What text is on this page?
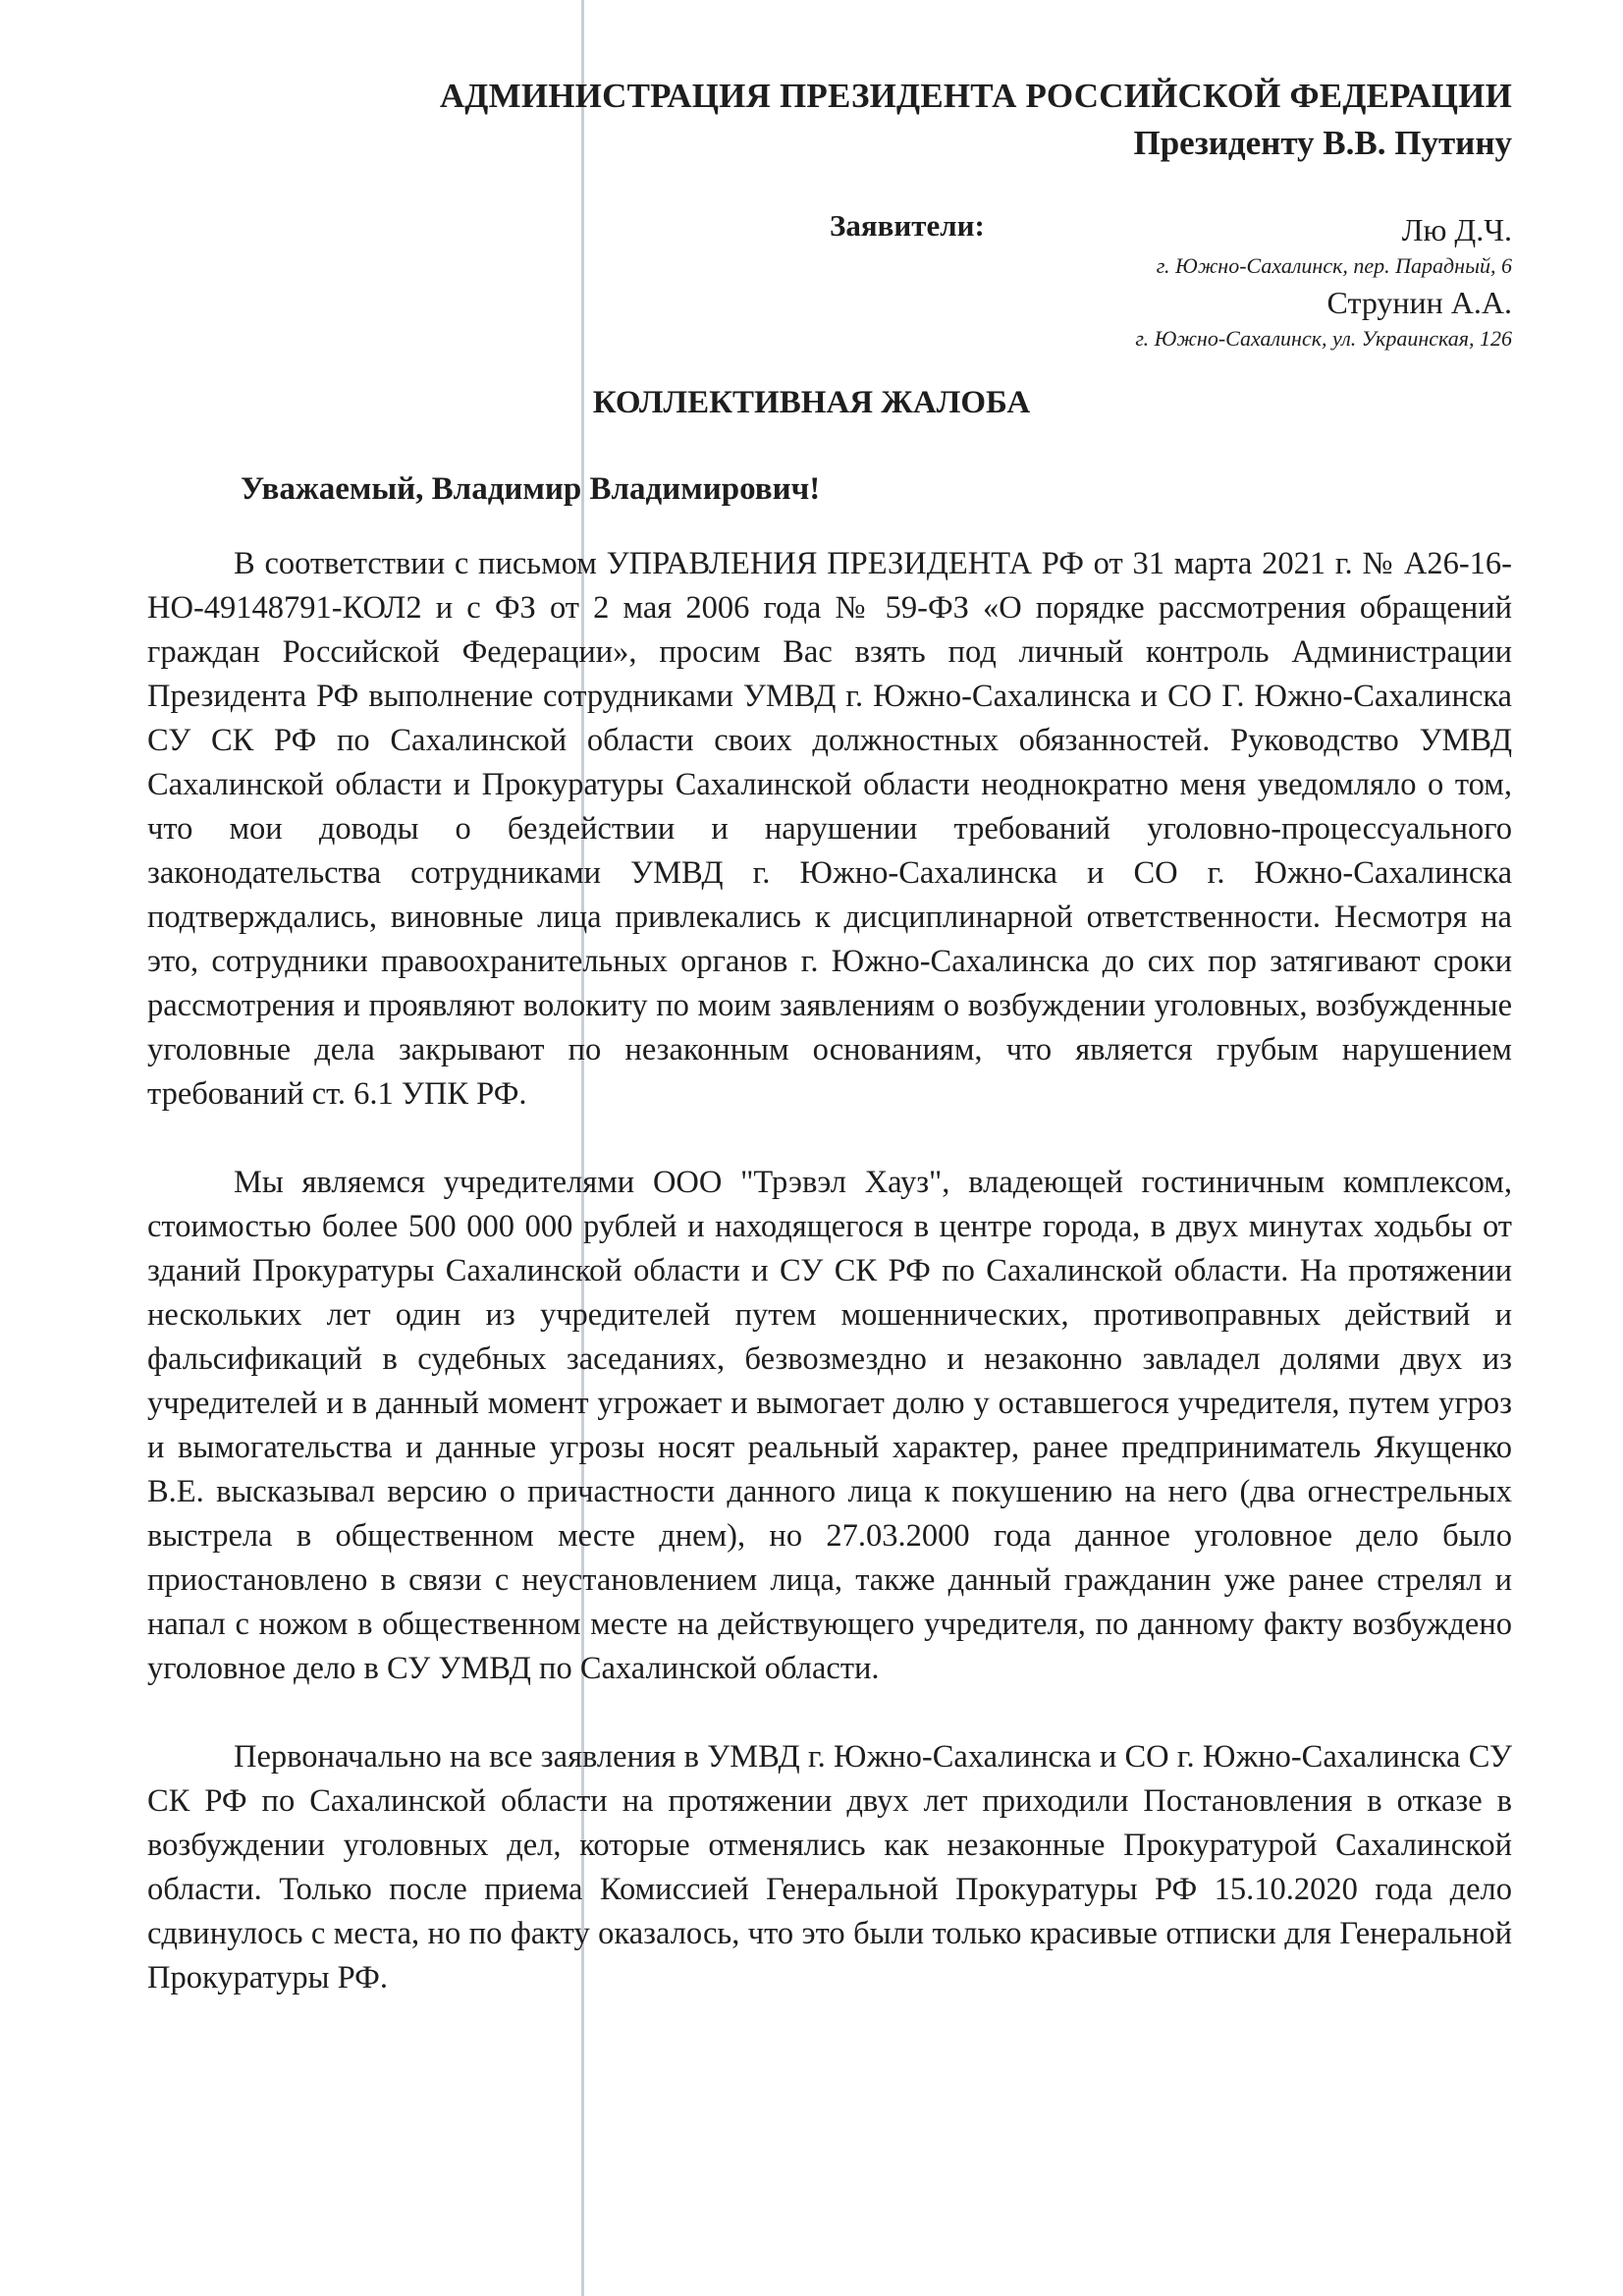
АДМИНИСТРАЦИЯ ПРЕЗИДЕНТА РОССИЙСКОЙ ФЕДЕРАЦИИ
Президенту В.В. Путину
Заявители:	Лю Д.Ч.
г. Южно-Сахалинск, пер. Парадный, 6
Струнин А.А.
г. Южно-Сахалинск, ул. Украинская, 126
КОЛЛЕКТИВНАЯ ЖАЛОБА
Уважаемый, Владимир Владимирович!

В соответствии с письмом УПРАВЛЕНИЯ ПРЕЗИДЕНТА РФ от 31 марта 2021 г. № А26-16-НО-49148791-КОЛ2 и с ФЗ от 2 мая 2006 года № 59-ФЗ «О порядке рассмотрения обращений граждан Российской Федерации», просим Вас взять под личный контроль Администрации Президента РФ выполнение сотрудниками УМВД г. Южно-Сахалинска и СО Г. Южно-Сахалинска СУ СК РФ по Сахалинской области своих должностных обязанностей. Руководство УМВД Сахалинской области и Прокуратуры Сахалинской области неоднократно меня уведомляло о том, что мои доводы о бездействии и нарушении требований уголовно-процессуального законодательства сотрудниками УМВД г. Южно-Сахалинска и СО г. Южно-Сахалинска подтверждались, виновные лица привлекались к дисциплинарной ответственности. Несмотря на это, сотрудники правоохранительных органов г. Южно-Сахалинска до сих пор затягивают сроки рассмотрения и проявляют волокиту по моим заявлениям о возбуждении уголовных, возбужденные уголовные дела закрывают по незаконным основаниям, что является грубым нарушением требований ст. 6.1 УПК РФ.

Мы являемся учредителями ООО "Трэвэл Хауз", владеющей гостиничным комплексом, стоимостью более 500 000 000 рублей и находящегося в центре города, в двух минутах ходьбы от зданий Прокуратуры Сахалинской области и СУ СК РФ по Сахалинской области. На протяжении нескольких лет один из учредителей путем мошеннических, противоправных действий и фальсификаций в судебных заседаниях, безвозмездно и незаконно завладел долями двух из учредителей и в данный момент угрожает и вымогает долю у оставшегося учредителя, путем угроз и вымогательства и данные угрозы носят реальный характер, ранее предприниматель Якущенко В.Е. высказывал версию о причастности данного лица к покушению на него (два огнестрельных выстрела в общественном месте днем), но 27.03.2000 года данное уголовное дело было приостановлено в связи с неустановлением лица, также данный гражданин уже ранее стрелял и напал с ножом в общественном месте на действующего учредителя, по данному факту возбуждено уголовное дело в СУ УМВД по Сахалинской области.

Первоначально на все заявления в УМВД г. Южно-Сахалинска и СО г. Южно-Сахалинска СУ СК РФ по Сахалинской области на протяжении двух лет приходили Постановления в отказе в возбуждении уголовных дел, которые отменялись как незаконные Прокуратурой Сахалинской области. Только после приема Комиссией Генеральной Прокуратуры РФ 15.10.2020 года дело сдвинулось с места, но по факту оказалось, что это были только красивые отписки для Генеральной Прокуратуры РФ.
